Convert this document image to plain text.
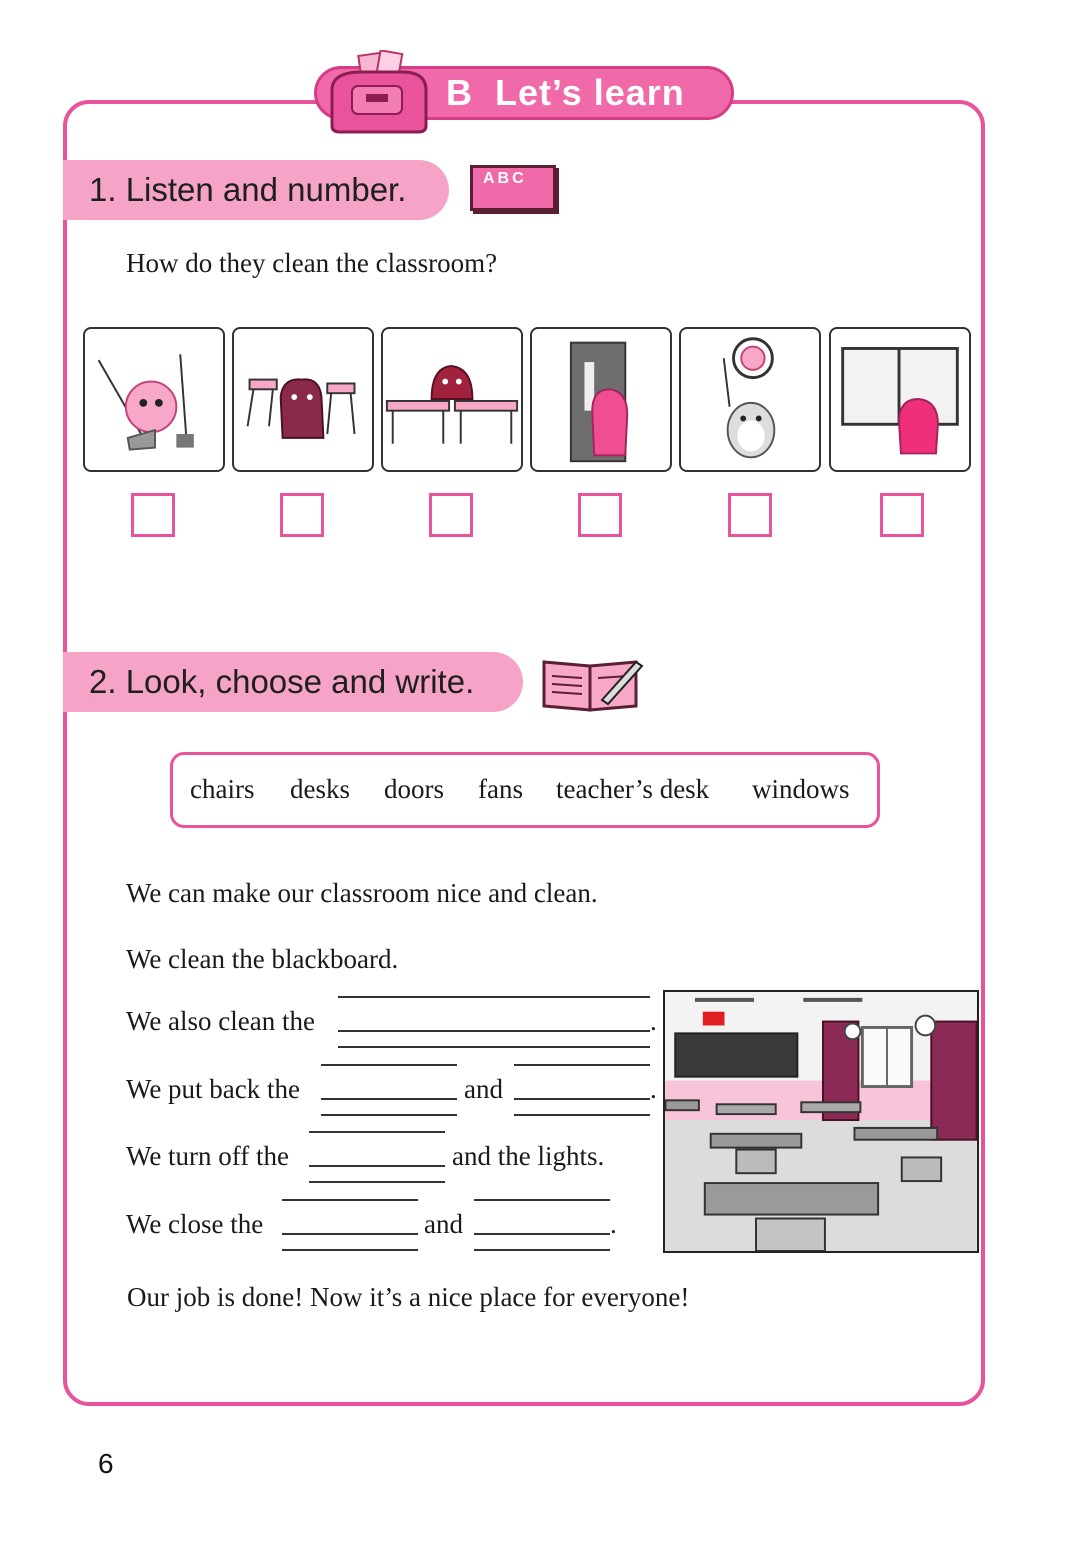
B Let’s learn
1. Listen and number.	ABC
How do they clean the classroom?
2. Look, choose and write.
chairs desks doors fans teacher’s desk windows
We can make our classroom nice and clean.
We clean the blackboard.
We also clean the	.
We put back the	and	.
We turn off the	and the lights.
We close the	and	.
Our job is done! Now it’s a nice place for everyone!
6
